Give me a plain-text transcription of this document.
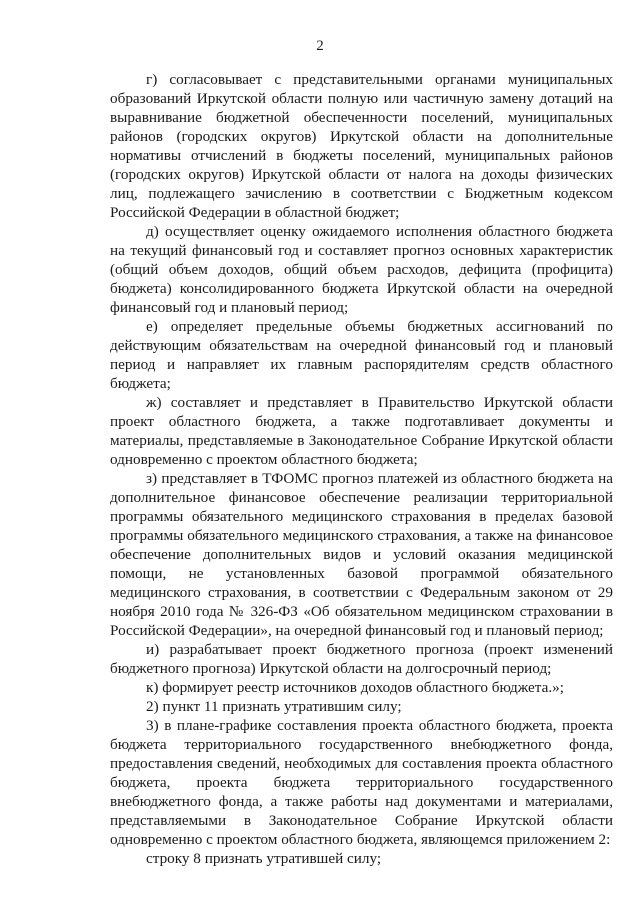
2

г) согласовывает с представительными органами муниципальных образований Иркутской области полную или частичную замену дотаций на выравнивание бюджетной обеспеченности поселений, муниципальных районов (городских округов) Иркутской области на дополнительные нормативы отчислений в бюджеты поселений, муниципальных районов (городских округов) Иркутской области от налога на доходы физических лиц, подлежащего зачислению в соответствии с Бюджетным кодексом Российской Федерации в областной бюджет;

д) осуществляет оценку ожидаемого исполнения областного бюджета на текущий финансовый год и составляет прогноз основных характеристик (общий объем доходов, общий объем расходов, дефицита (профицита) бюджета) консолидированного бюджета Иркутской области на очередной финансовый год и плановый период;

е) определяет предельные объемы бюджетных ассигнований по действующим обязательствам на очередной финансовый год и плановый период и направляет их главным распорядителям средств областного бюджета;

ж) составляет и представляет в Правительство Иркутской области проект областного бюджета, а также подготавливает документы и материалы, представляемые в Законодательное Собрание Иркутской области одновременно с проектом областного бюджета;

з) представляет в ТФОМС прогноз платежей из областного бюджета на дополнительное финансовое обеспечение реализации территориальной программы обязательного медицинского страхования в пределах базовой программы обязательного медицинского страхования, а также на финансовое обеспечение дополнительных видов и условий оказания медицинской помощи, не установленных базовой программой обязательного медицинского страхования, в соответствии с Федеральным законом от 29 ноября 2010 года № 326-ФЗ «Об обязательном медицинском страховании в Российской Федерации», на очередной финансовый год и плановый период;

и) разрабатывает проект бюджетного прогноза (проект изменений бюджетного прогноза) Иркутской области на долгосрочный период;

к) формирует реестр источников доходов областного бюджета.»;

2) пункт 11 признать утратившим силу;

3) в плане-графике составления проекта областного бюджета, проекта бюджета территориального государственного внебюджетного фонда, предоставления сведений, необходимых для составления проекта областного бюджета, проекта бюджета территориального государственного внебюджетного фонда, а также работы над документами и материалами, представляемыми в Законодательное Собрание Иркутской области одновременно с проектом областного бюджета, являющемся приложением 2:

строку 8 признать утратившей силу;
